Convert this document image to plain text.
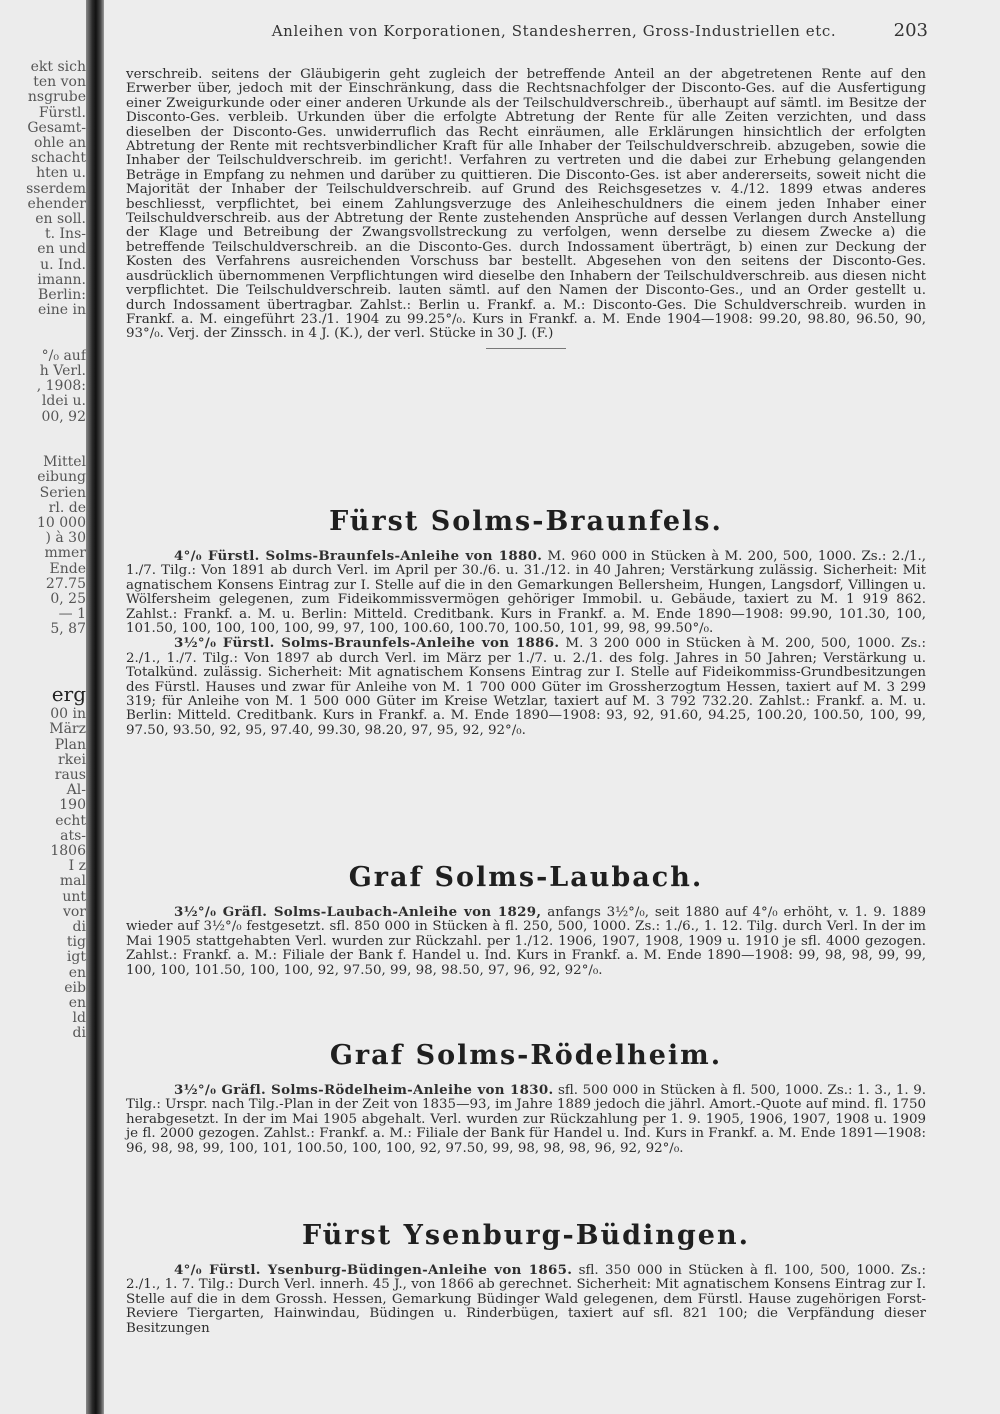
ekt sich
ten von
nsgrube
Fürstl.
Gesamt-
ohle an
schacht
hten u.
sserdem
ehender
en soll.
t. Ins-
en und
u. Ind.
imann.
Berlin:
eine in
°/₀ auf
h Verl.
, 1908:
ldei u.
00, 92
Mittel
eibung
Serien
rl. de
10 000
) à 30
mmer
Ende
27.75
0, 25
— 1
5, 87
erg
00 in
März
Plan
rkei
raus
Al-
190
echt
ats-
1806
I z
mal
unt
vor
di
tig
igt
en
eib
en
ld
di
Anleihen von Korporationen, Standesherren, Gross-Industriellen etc.	203

verschreib. seitens der Gläubigerin geht zugleich der betreffende Anteil an der abgetretenen Rente auf den Erwerber über, jedoch mit der Einschränkung, dass die Rechtsnachfolger der Disconto-Ges. auf die Ausfertigung einer Zweigurkunde oder einer anderen Urkunde als der Teilschuldverschreib., überhaupt auf sämtl. im Besitze der Disconto-Ges. verbleib. Urkunden über die erfolgte Abtretung der Rente für alle Zeiten verzichten, und dass dieselben der Disconto-Ges. unwiderruflich das Recht einräumen, alle Erklärungen hinsichtlich der erfolgten Abtretung der Rente mit rechtsverbindlicher Kraft für alle Inhaber der Teilschuldverschreib. abzugeben, sowie die Inhaber der Teilschuldverschreib. im gericht!. Verfahren zu vertreten und die dabei zur Erhebung gelangenden Beträge in Empfang zu nehmen und darüber zu quittieren. Die Disconto-Ges. ist aber andererseits, soweit nicht die Majorität der Inhaber der Teilschuldverschreib. auf Grund des Reichsgesetzes v. 4./12. 1899 etwas anderes beschliesst, verpflichtet, bei einem Zahlungsverzuge des Anleiheschuldners die einem jeden Inhaber einer Teilschuldverschreib. aus der Abtretung der Rente zustehenden Ansprüche auf dessen Verlangen durch Anstellung der Klage und Betreibung der Zwangsvollstreckung zu verfolgen, wenn derselbe zu diesem Zwecke a) die betreffende Teilschuldverschreib. an die Disconto-Ges. durch Indossament überträgt, b) einen zur Deckung der Kosten des Verfahrens ausreichenden Vorschuss bar bestellt. Abgesehen von den seitens der Disconto-Ges. ausdrücklich übernommenen Verpflichtungen wird dieselbe den Inhabern der Teilschuldverschreib. aus diesen nicht verpflichtet. Die Teilschuldverschreib. lauten sämtl. auf den Namen der Disconto-Ges., und an Order gestellt u. durch Indossament übertragbar. Zahlst.: Berlin u. Frankf. a. M.: Disconto-Ges. Die Schuldverschreib. wurden in Frankf. a. M. eingeführt 23./1. 1904 zu 99.25°/₀. Kurs in Frankf. a. M. Ende 1904—1908: 99.20, 98.80, 96.50, 90, 93°/₀. Verj. der Zinssch. in 4 J. (K.), der verl. Stücke in 30 J. (F.)

Fürst Solms-Braunfels.

4°/₀ Fürstl. Solms-Braunfels-Anleihe von 1880. M. 960 000 in Stücken à M. 200, 500, 1000. Zs.: 2./1., 1./7. Tilg.: Von 1891 ab durch Verl. im April per 30./6. u. 31./12. in 40 Jahren; Verstärkung zulässig. Sicherheit: Mit agnatischem Konsens Eintrag zur I. Stelle auf die in den Gemarkungen Bellersheim, Hungen, Langsdorf, Villingen u. Wölfersheim gelegenen, zum Fideikommissvermögen gehöriger Immobil. u. Gebäude, taxiert zu M. 1 919 862. Zahlst.: Frankf. a. M. u. Berlin: Mitteld. Creditbank. Kurs in Frankf. a. M. Ende 1890—1908: 99.90, 101.30, 100, 101.50, 100, 100, 100, 100, 99, 97, 100, 100.60, 100.70, 100.50, 101, 99, 98, 99.50°/₀.

3½°/₀ Fürstl. Solms-Braunfels-Anleihe von 1886. M. 3 200 000 in Stücken à M. 200, 500, 1000. Zs.: 2./1., 1./7. Tilg.: Von 1897 ab durch Verl. im März per 1./7. u. 2./1. des folg. Jahres in 50 Jahren; Verstärkung u. Totalkünd. zulässig. Sicherheit: Mit agnatischem Konsens Eintrag zur I. Stelle auf Fideikommiss-Grundbesitzungen des Fürstl. Hauses und zwar für Anleihe von M. 1 700 000 Güter im Grossherzogtum Hessen, taxiert auf M. 3 299 319; für Anleihe von M. 1 500 000 Güter im Kreise Wetzlar, taxiert auf M. 3 792 732.20. Zahlst.: Frankf. a. M. u. Berlin: Mitteld. Creditbank. Kurs in Frankf. a. M. Ende 1890—1908: 93, 92, 91.60, 94.25, 100.20, 100.50, 100, 99, 97.50, 93.50, 92, 95, 97.40, 99.30, 98.20, 97, 95, 92, 92°/₀.

Graf Solms-Laubach.

3½°/₀ Gräfl. Solms-Laubach-Anleihe von 1829, anfangs 3½°/₀, seit 1880 auf 4°/₀ erhöht, v. 1. 9. 1889 wieder auf 3½°/₀ festgesetzt. sfl. 850 000 in Stücken à fl. 250, 500, 1000. Zs.: 1./6., 1. 12. Tilg. durch Verl. In der im Mai 1905 stattgehabten Verl. wurden zur Rückzahl. per 1./12. 1906, 1907, 1908, 1909 u. 1910 je sfl. 4000 gezogen. Zahlst.: Frankf. a. M.: Filiale der Bank f. Handel u. Ind. Kurs in Frankf. a. M. Ende 1890—1908: 99, 98, 98, 99, 99, 100, 100, 101.50, 100, 100, 92, 97.50, 99, 98, 98.50, 97, 96, 92, 92°/₀.

Graf Solms-Rödelheim.

3½°/₀ Gräfl. Solms-Rödelheim-Anleihe von 1830. sfl. 500 000 in Stücken à fl. 500, 1000. Zs.: 1. 3., 1. 9. Tilg.: Urspr. nach Tilg.-Plan in der Zeit von 1835—93, im Jahre 1889 jedoch die jährl. Amort.-Quote auf mind. fl. 1750 herabgesetzt. In der im Mai 1905 abgehalt. Verl. wurden zur Rückzahlung per 1. 9. 1905, 1906, 1907, 1908 u. 1909 je fl. 2000 gezogen. Zahlst.: Frankf. a. M.: Filiale der Bank für Handel u. Ind. Kurs in Frankf. a. M. Ende 1891—1908: 96, 98, 98, 99, 100, 101, 100.50, 100, 100, 92, 97.50, 99, 98, 98, 98, 96, 92, 92°/₀.

Fürst Ysenburg-Büdingen.

4°/₀ Fürstl. Ysenburg-Büdingen-Anleihe von 1865. sfl. 350 000 in Stücken à fl. 100, 500, 1000. Zs.: 2./1., 1. 7. Tilg.: Durch Verl. innerh. 45 J., von 1866 ab gerechnet. Sicherheit: Mit agnatischem Konsens Eintrag zur I. Stelle auf die in dem Grossh. Hessen, Gemarkung Büdinger Wald gelegenen, dem Fürstl. Hause zugehörigen Forst-Reviere Tiergarten, Hainwindau, Büdingen u. Rinderbügen, taxiert auf sfl. 821 100; die Verpfändung dieser Besitzungen
